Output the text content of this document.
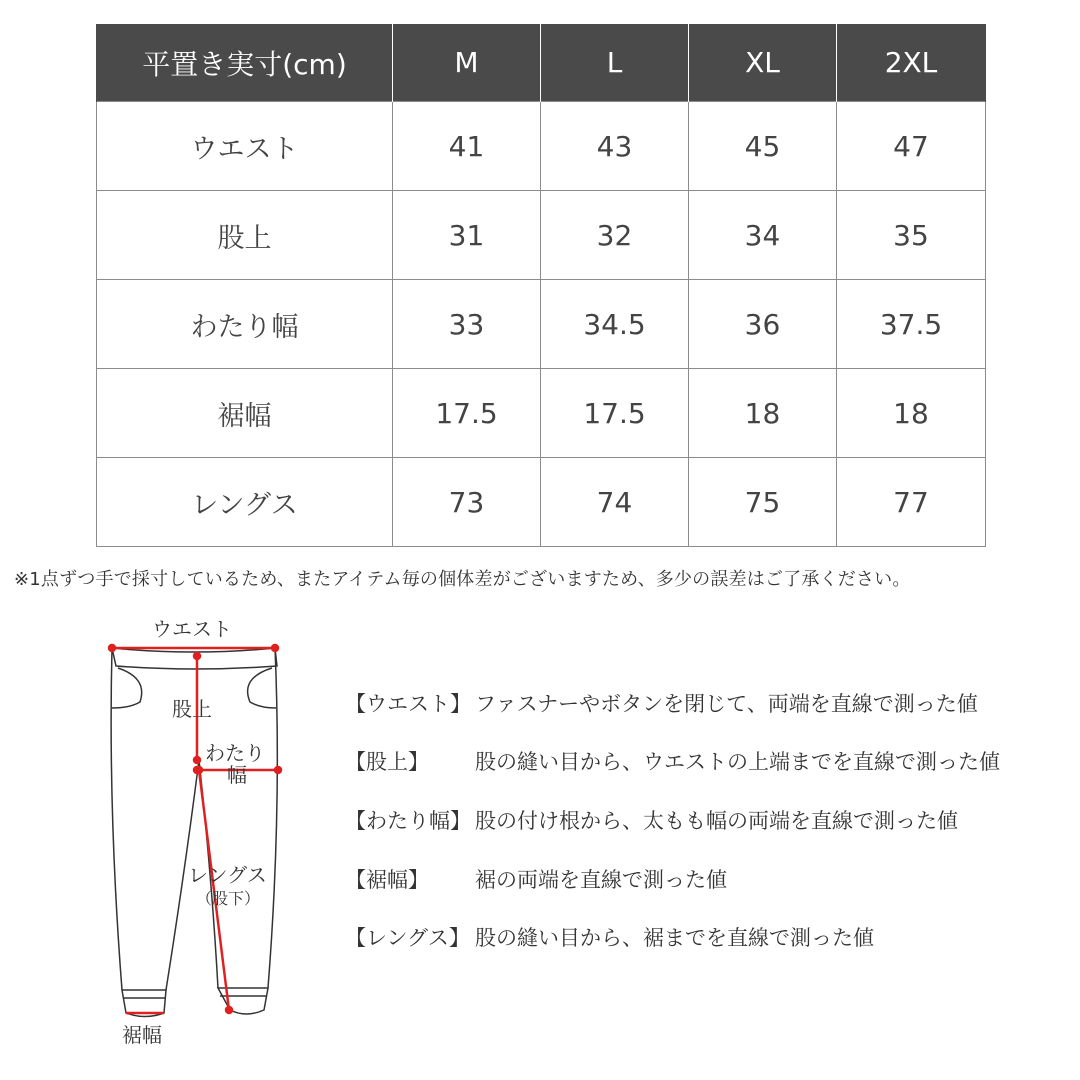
平置き実寸(cm)	M	L	XL	2XL
ウエスト	41	43	45	47
股上	31	32	34	35
わたり幅	33	34.5	36	37.5
裾幅	17.5	17.5	18	18
レングス	73	74	75	77
※1点ずつ手で採寸しているため、またアイテム毎の個体差がございますため、多少の誤差はご了承ください。
ウエスト
股上
わたり
幅
レングス
（股下）
裾幅
【ウエスト】 ファスナーやボタンを閉じて、両端を直線で測った値
【股上】	股の縫い目から、ウエストの上端までを直線で測った値
【わたり幅】 股の付け根から、太もも幅の両端を直線で測った値
【裾幅】	裾の両端を直線で測った値
【レングス】 股の縫い目から、裾までを直線で測った値
